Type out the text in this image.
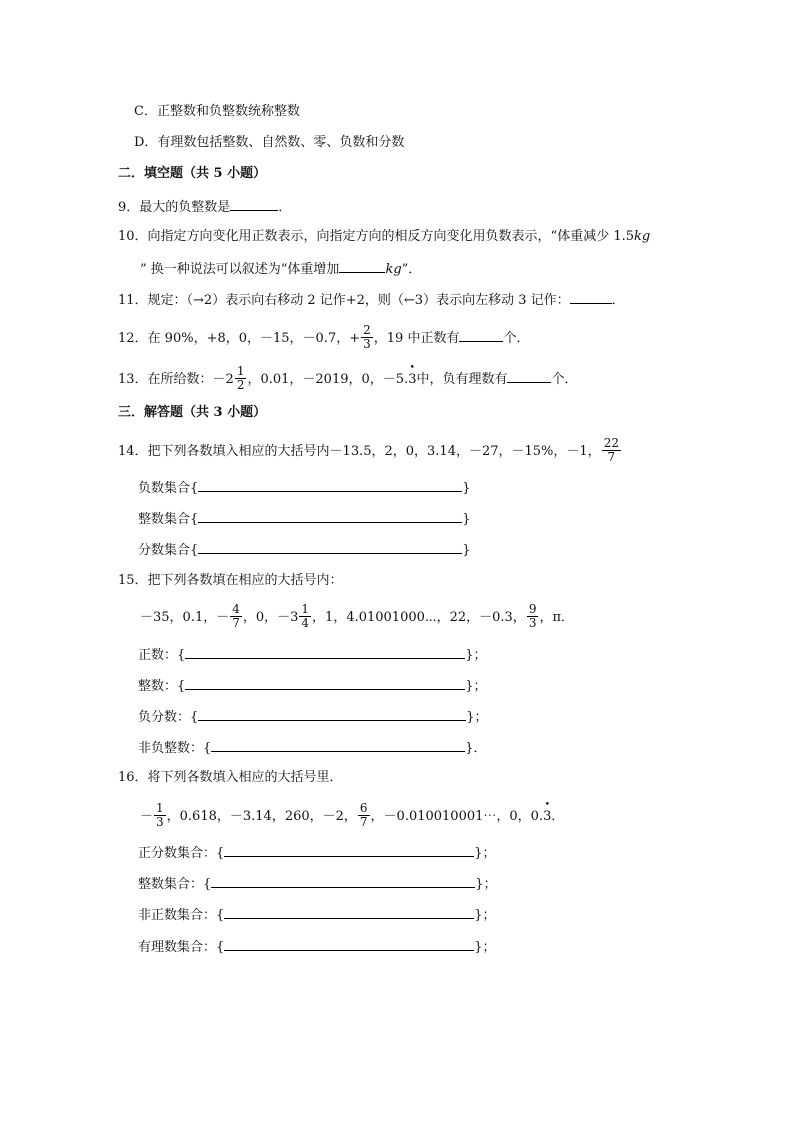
C．正整数和负整数统称整数
D．有理数包括整数、自然数、零、负数和分数
二．填空题（共 5 小题）
9．最大的负整数是	．
10．向指定方向变化用正数表示，向指定方向的相反方向变化用负数表示，“体重减少 1.5kg
” 换一种说法可以叙述为“体重增加	kg”．
11．规定：（→2）表示向右移动 2 记作+2，则（←3）表示向左移动 3 记作：	．
12．在 90%，+8，0，－15，－0.7，+ $\frac{2}{3}$ ，19 中正数有	个．
13．在所给数：$-2 \frac{1}{2}$ ，0.01，－2019，0，－5.• 3中，负有理数有	个．
三．解答题（共 3 小题）
14．把下列各数填入相应的大括号内－13.5，2，0，3.14，－27，－15%，－1， $\frac{22}{7}$
负数集合{	}
整数集合{	}
分数集合{	}
15．把下列各数填在相应的大括号内：
－35，0.1，－ $\frac{4}{7}$ ，0，$-3 \frac{1}{4}$ ，1，4.01001000⋯，22，－0.3， $\frac{9}{3}$ ，π．
正数：{	}；
整数：{	}；
负分数：{	}；
非负整数：{	}．
16．将下列各数填入相应的大括号里．
－ $\frac{1}{3}$ ，0.618，－3.14，260，－2， $\frac{6}{7}$ ，－0.010010001⋯，0，0.• 3．
正分数集合：{	}；
整数集合：{	}；
非正数集合：{	}；
有理数集合：{	}；
